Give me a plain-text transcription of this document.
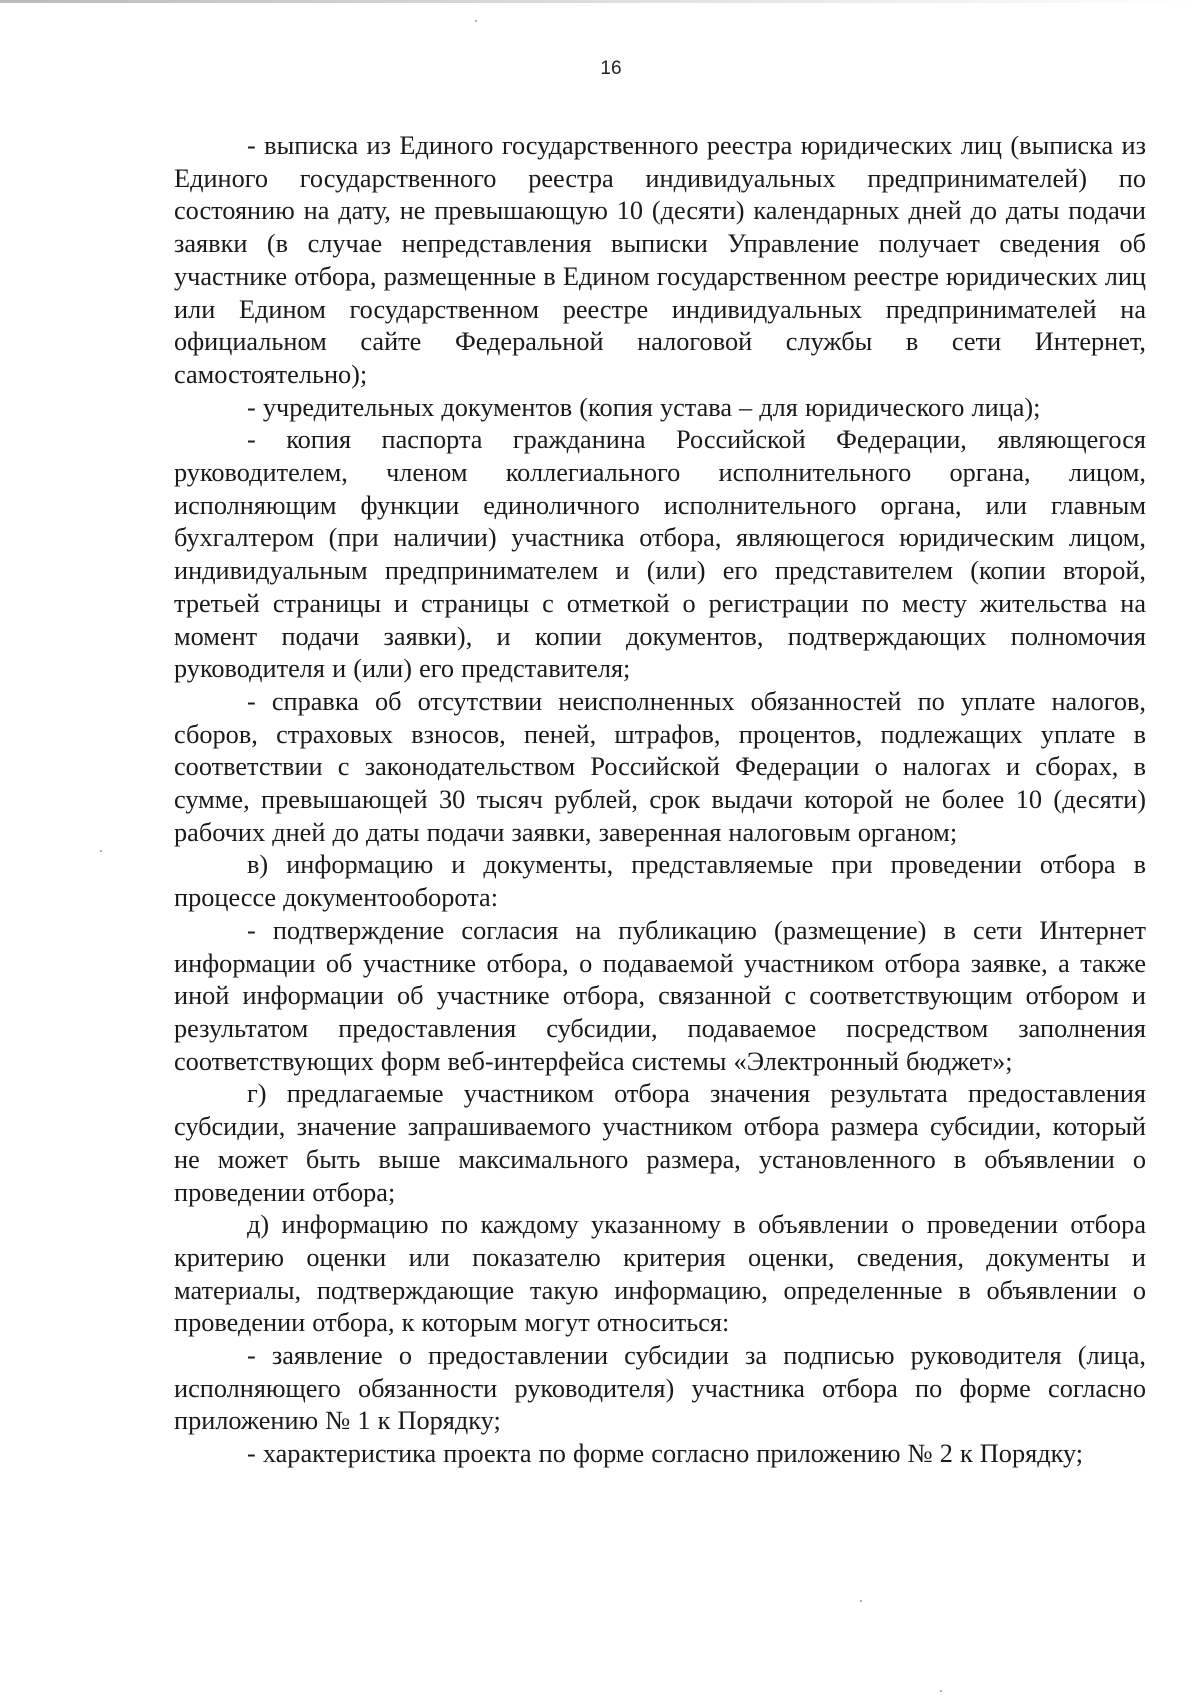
16

- выписка из Единого государственного реестра юридических лиц (выписка из Единого государственного реестра индивидуальных предпринимателей) по состоянию на дату, не превышающую 10 (десяти) календарных дней до даты подачи заявки (в случае непредставления выписки Управление получает сведения об участнике отбора, размещенные в Едином государственном реестре юридических лиц или Едином государственном реестре индивидуальных предпринимателей на официальном сайте Федеральной налоговой службы в сети Интернет, самостоятельно);

- учредительных документов (копия устава – для юридического лица);

- копия паспорта гражданина Российской Федерации, являющегося руководителем, членом коллегиального исполнительного органа, лицом, исполняющим функции единоличного исполнительного органа, или главным бухгалтером (при наличии) участника отбора, являющегося юридическим лицом, индивидуальным предпринимателем и (или) его представителем (копии второй, третьей страницы и страницы с отметкой о регистрации по месту жительства на момент подачи заявки), и копии документов, подтверждающих полномочия руководителя и (или) его представителя;

- справка об отсутствии неисполненных обязанностей по уплате налогов, сборов, страховых взносов, пеней, штрафов, процентов, подлежащих уплате в соответствии с законодательством Российской Федерации о налогах и сборах, в сумме, превышающей 30 тысяч рублей, срок выдачи которой не более 10 (десяти) рабочих дней до даты подачи заявки, заверенная налоговым органом;

в) информацию и документы, представляемые при проведении отбора в процессе документооборота:

- подтверждение согласия на публикацию (размещение) в сети Интернет информации об участнике отбора, о подаваемой участником отбора заявке, а также иной информации об участнике отбора, связанной с соответствующим отбором и результатом предоставления субсидии, подаваемое посредством заполнения соответствующих форм веб-интерфейса системы «Электронный бюджет»;

г) предлагаемые участником отбора значения результата предоставления субсидии, значение запрашиваемого участником отбора размера субсидии, который не может быть выше максимального размера, установленного в объявлении о проведении отбора;

д) информацию по каждому указанному в объявлении о проведении отбора критерию оценки или показателю критерия оценки, сведения, документы и материалы, подтверждающие такую информацию, определенные в объявлении о проведении отбора, к которым могут относиться:

- заявление о предоставлении субсидии за подписью руководителя (лица, исполняющего обязанности руководителя) участника отбора по форме согласно приложению № 1 к Порядку;

- характеристика проекта по форме согласно приложению № 2 к Порядку;
